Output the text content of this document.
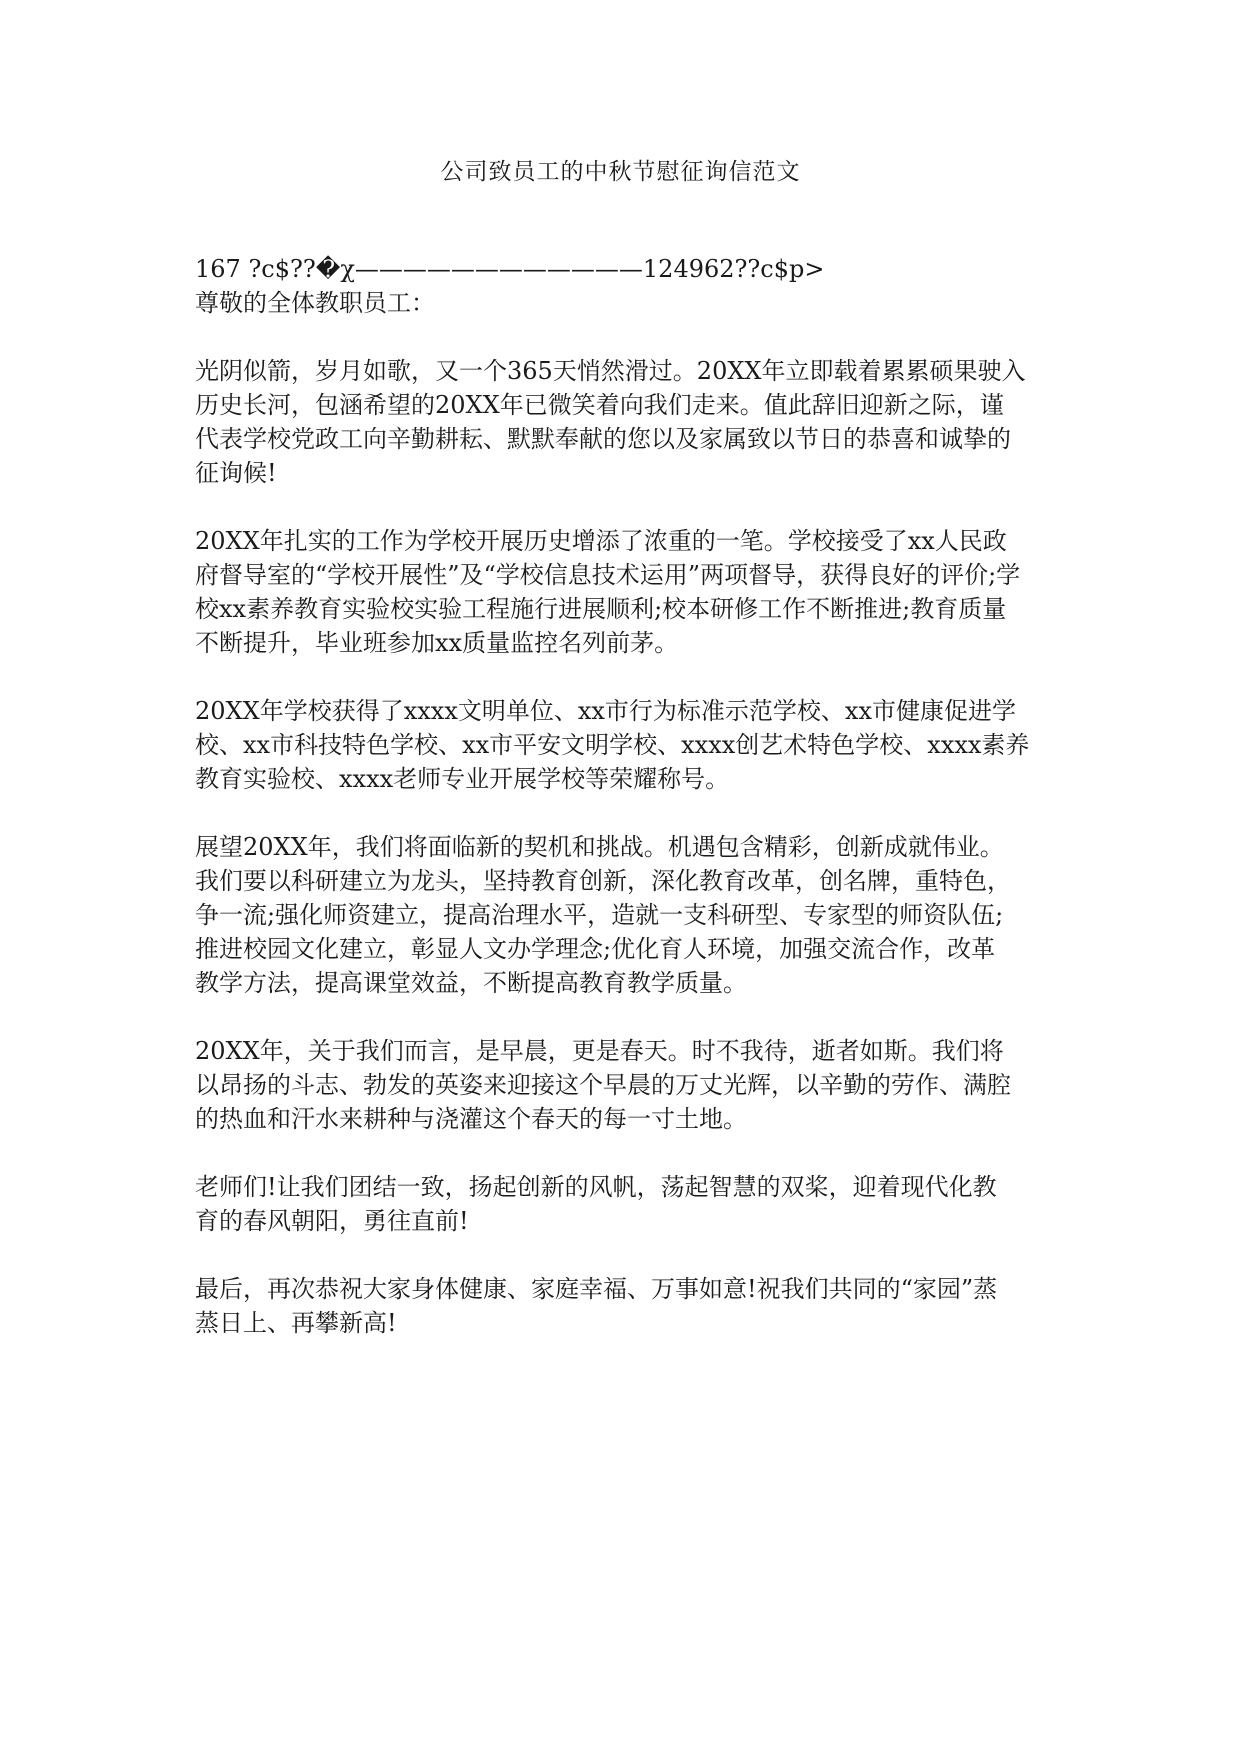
公司致员工的中秋节慰征询信范文
167 ?c$??�χ————————————124962??c$p>
尊敬的全体教职员工：
光阴似箭，岁月如歌，又一个365天悄然滑过。20XX年立即载着累累硕果驶入
历史长河，包涵希望的20XX年已微笑着向我们走来。值此辞旧迎新之际，谨
代表学校党政工向辛勤耕耘、默默奉献的您以及家属致以节日的恭喜和诚挚的
征询候!
20XX年扎实的工作为学校开展历史增添了浓重的一笔。学校接受了xx人民政
府督导室的“学校开展性”及“学校信息技术运用”两项督导，获得良好的评价;学
校xx素养教育实验校实验工程施行进展顺利;校本研修工作不断推进;教育质量
不断提升，毕业班参加xx质量监控名列前茅。
20XX年学校获得了xxxx文明单位、xx市行为标准示范学校、xx市健康促进学
校、xx市科技特色学校、xx市平安文明学校、xxxx创艺术特色学校、xxxx素养
教育实验校、xxxx老师专业开展学校等荣耀称号。
展望20XX年，我们将面临新的契机和挑战。机遇包含精彩，创新成就伟业。
我们要以科研建立为龙头，坚持教育创新，深化教育改革，创名牌，重特色，
争一流;强化师资建立，提高治理水平，造就一支科研型、专家型的师资队伍;
推进校园文化建立，彰显人文办学理念;优化育人环境，加强交流合作，改革
教学方法，提高课堂效益，不断提高教育教学质量。
20XX年，关于我们而言，是早晨，更是春天。时不我待，逝者如斯。我们将
以昂扬的斗志、勃发的英姿来迎接这个早晨的万丈光辉，以辛勤的劳作、满腔
的热血和汗水来耕种与浇灌这个春天的每一寸土地。
老师们!让我们团结一致，扬起创新的风帆，荡起智慧的双桨，迎着现代化教
育的春风朝阳，勇往直前!
最后，再次恭祝大家身体健康、家庭幸福、万事如意!祝我们共同的“家园”蒸
蒸日上、再攀新高!
